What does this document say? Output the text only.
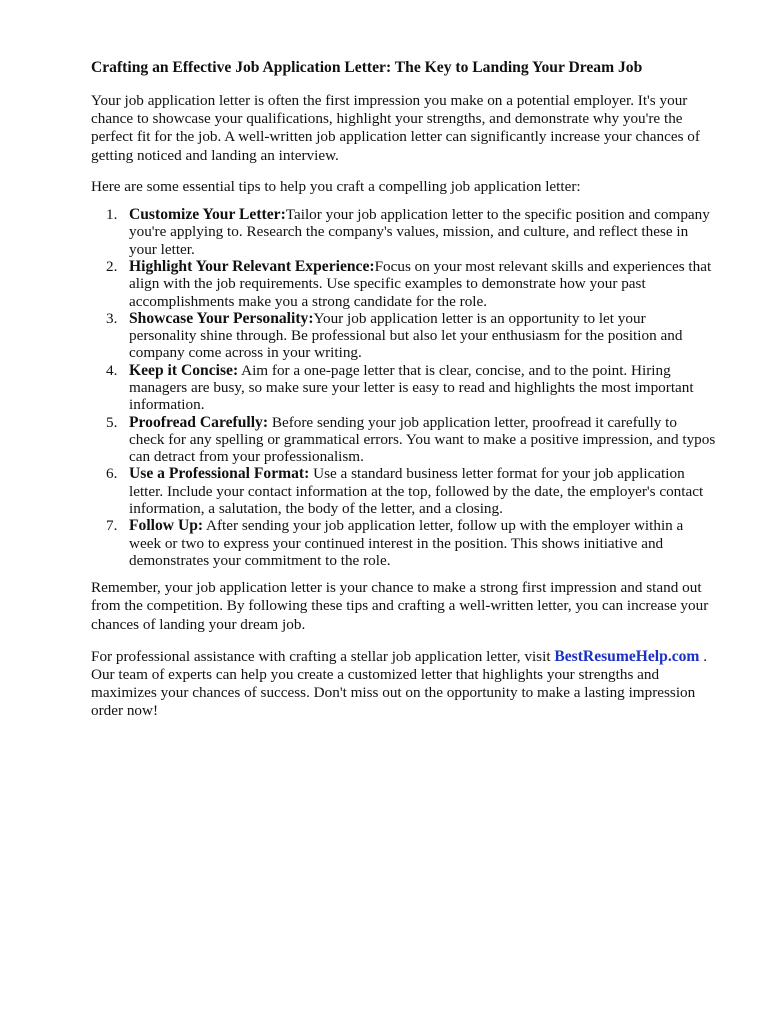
Crafting an Effective Job Application Letter: The Key to Landing Your Dream Job

Your job application letter is often the first impression you make on a potential employer. It's your chance to showcase your qualifications, highlight your strengths, and demonstrate why you're the perfect fit for the job. A well-written job application letter can significantly increase your chances of getting noticed and landing an interview.

Here are some essential tips to help you craft a compelling job application letter:

1. Customize Your Letter:Tailor your job application letter to the specific position and company you're applying to. Research the company's values, mission, and culture, and reflect these in your letter.
2. Highlight Your Relevant Experience:Focus on your most relevant skills and experiences that align with the job requirements. Use specific examples to demonstrate how your past accomplishments make you a strong candidate for the role.
3. Showcase Your Personality:Your job application letter is an opportunity to let your personality shine through. Be professional but also let your enthusiasm for the position and company come across in your writing.
4. Keep it Concise: Aim for a one-page letter that is clear, concise, and to the point. Hiring managers are busy, so make sure your letter is easy to read and highlights the most important information.
5. Proofread Carefully: Before sending your job application letter, proofread it carefully to check for any spelling or grammatical errors. You want to make a positive impression, and typos can detract from your professionalism.
6. Use a Professional Format: Use a standard business letter format for your job application letter. Include your contact information at the top, followed by the date, the employer's contact information, a salutation, the body of the letter, and a closing.
7. Follow Up: After sending your job application letter, follow up with the employer within a week or two to express your continued interest in the position. This shows initiative and demonstrates your commitment to the role.

Remember, your job application letter is your chance to make a strong first impression and stand out from the competition. By following these tips and crafting a well-written letter, you can increase your chances of landing your dream job.

For professional assistance with crafting a stellar job application letter, visit BestResumeHelp.com . Our team of experts can help you create a customized letter that highlights your strengths and maximizes your chances of success. Don't miss out on the opportunity to make a lasting impression order now!
